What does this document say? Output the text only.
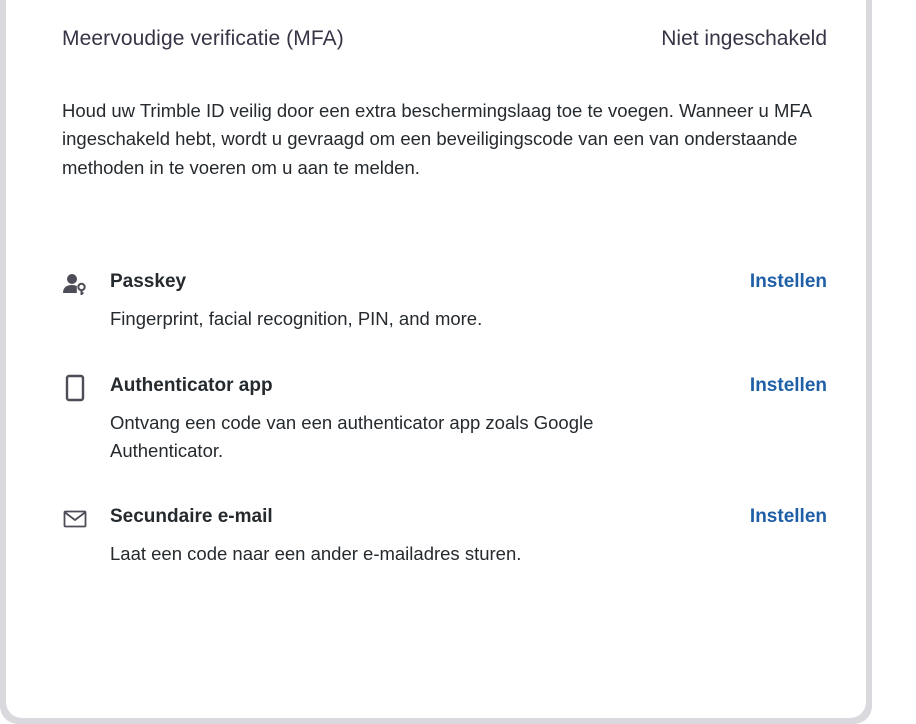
Meervoudige verificatie (MFA)	Niet ingeschakeld
Houd uw Trimble ID veilig door een extra beschermingslaag toe te voegen. Wanneer u MFA ingeschakeld hebt, wordt u gevraagd om een beveiligingscode van een van onderstaande methoden in te voeren om u aan te melden.
Passkey	Instellen
Fingerprint, facial recognition, PIN, and more.
Authenticator app	Instellen
Ontvang een code van een authenticator app zoals Google Authenticator.
Secundaire e-mail	Instellen
Laat een code naar een ander e-mailadres sturen.
